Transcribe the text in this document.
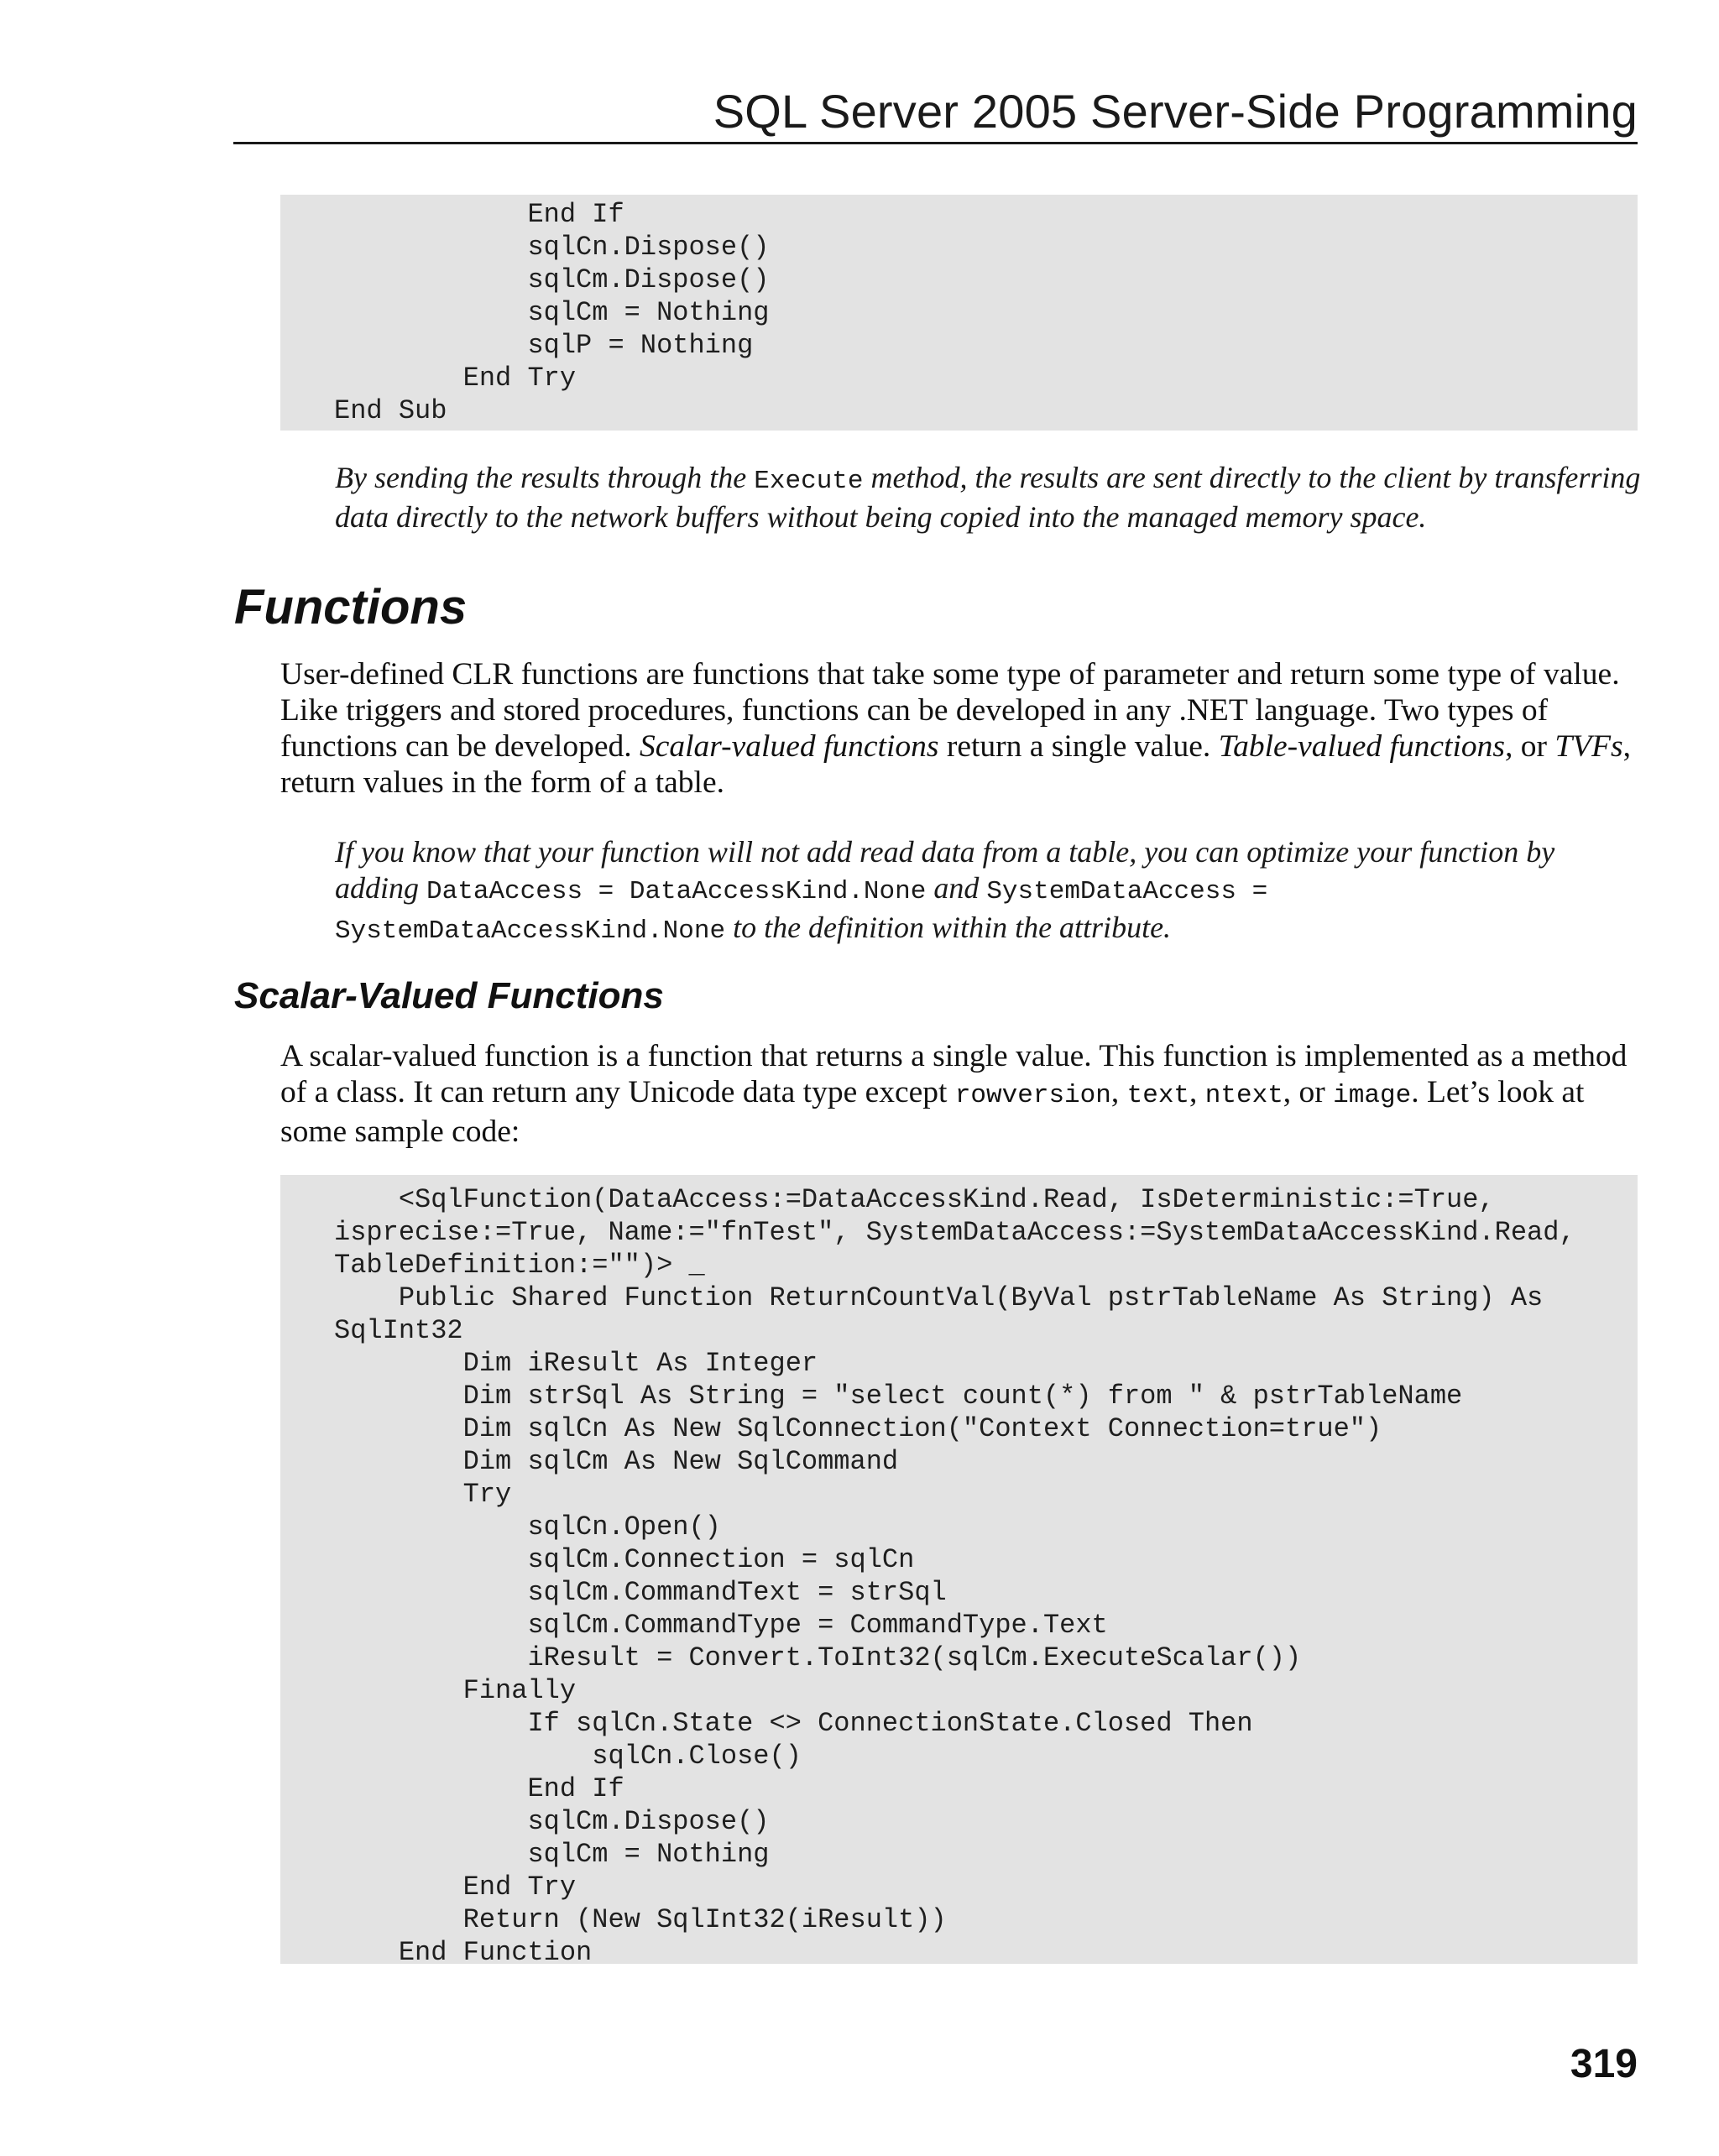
SQL Server 2005 Server-Side Programming
End If
sqlCn.Dispose()
sqlCm.Dispose()
sqlCm = Nothing
sqlP = Nothing
End Try
End Sub
By sending the results through the Execute method, the results are sent directly to the client by transferring data directly to the network buffers without being copied into the managed memory space.
Functions
User-defined CLR functions are functions that take some type of parameter and return some type of value. Like triggers and stored procedures, functions can be developed in any .NET language. Two types of functions can be developed. Scalar-valued functions return a single value. Table-valued functions, or TVFs, return values in the form of a table.
If you know that your function will not add read data from a table, you can optimize your function by adding DataAccess = DataAccessKind.None and SystemDataAccess = SystemDataAccessKind.None to the definition within the attribute.
Scalar-Valued Functions
A scalar-valued function is a function that returns a single value. This function is implemented as a method of a class. It can return any Unicode data type except rowversion, text, ntext, or image. Let’s look at some sample code:
<SqlFunction(DataAccess:=DataAccessKind.Read, IsDeterministic:=True,
isprecise:=True, Name:="fnTest", SystemDataAccess:=SystemDataAccessKind.Read,
TableDefinition:="")> _
Public Shared Function ReturnCountVal(ByVal pstrTableName As String) As
SqlInt32
Dim iResult As Integer
Dim strSql As String = "select count(*) from " & pstrTableName
Dim sqlCn As New SqlConnection("Context Connection=true")
Dim sqlCm As New SqlCommand
Try
sqlCn.Open()
sqlCm.Connection = sqlCn
sqlCm.CommandText = strSql
sqlCm.CommandType = CommandType.Text
iResult = Convert.ToInt32(sqlCm.ExecuteScalar())
Finally
If sqlCn.State <> ConnectionState.Closed Then
sqlCn.Close()
End If
sqlCm.Dispose()
sqlCm = Nothing
End Try
Return (New SqlInt32(iResult))
End Function
319
